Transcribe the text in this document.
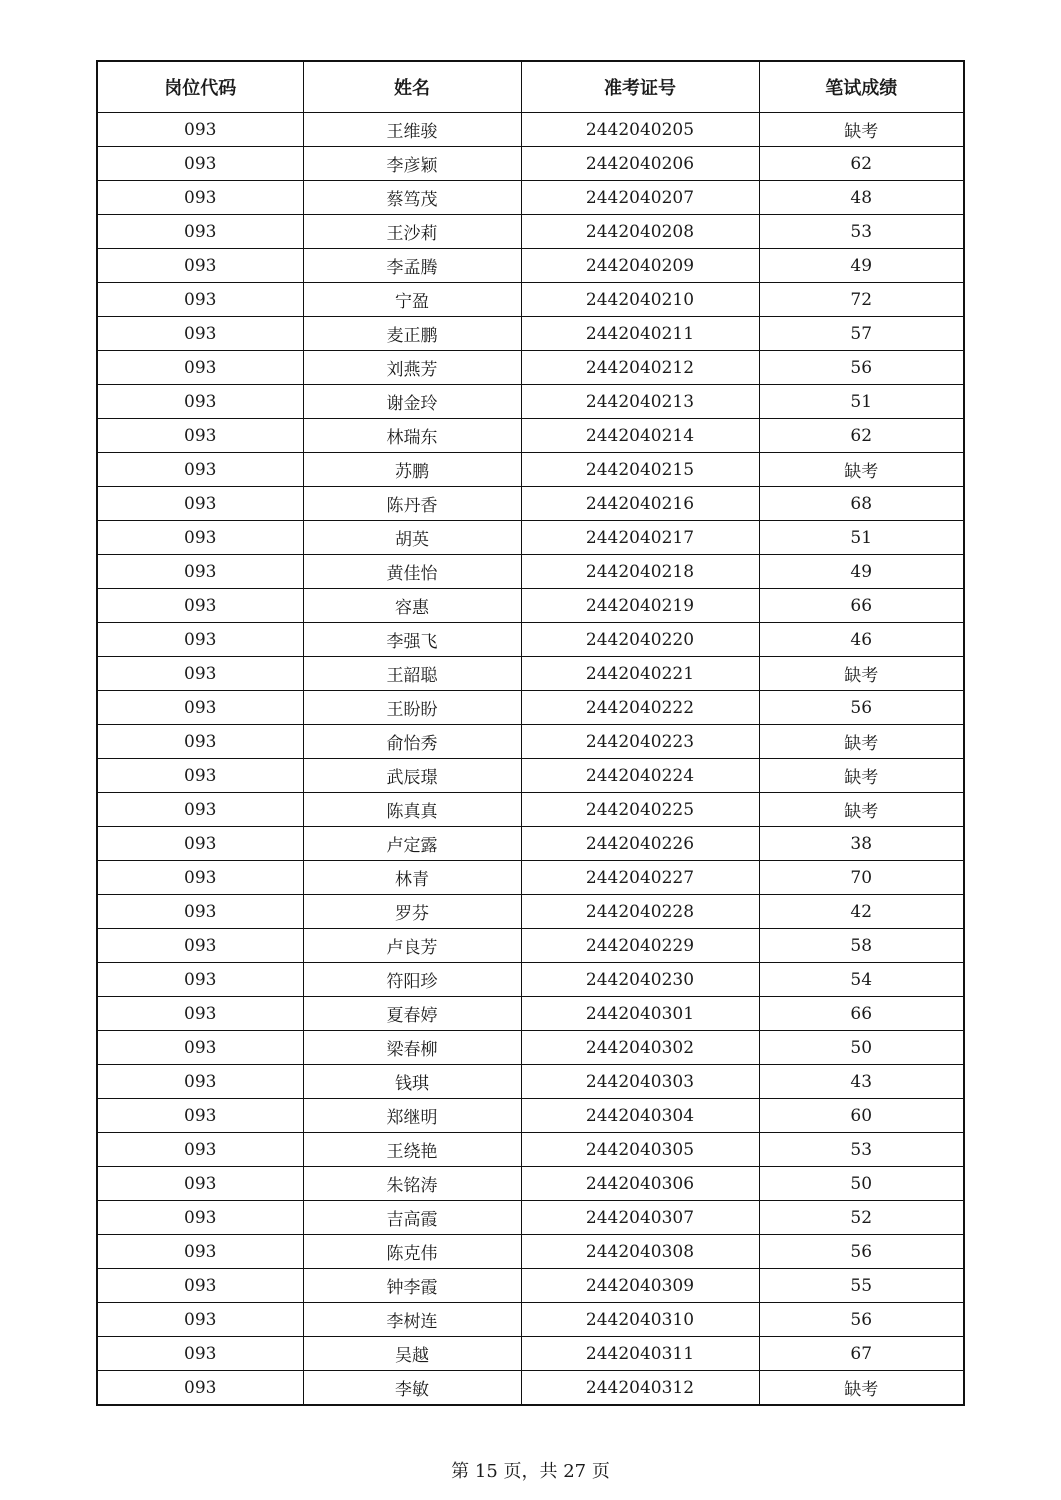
岗位代码	姓名	准考证号	笔试成绩
093	王维骏	2442040205	缺考
093	李彦颖	2442040206	62
093	蔡笃茂	2442040207	48
093	王沙莉	2442040208	53
093	李孟腾	2442040209	49
093	宁盈	2442040210	72
093	麦正鹏	2442040211	57
093	刘燕芳	2442040212	56
093	谢金玲	2442040213	51
093	林瑞东	2442040214	62
093	苏鹏	2442040215	缺考
093	陈丹香	2442040216	68
093	胡英	2442040217	51
093	黄佳怡	2442040218	49
093	容惠	2442040219	66
093	李强飞	2442040220	46
093	王韶聪	2442040221	缺考
093	王盼盼	2442040222	56
093	俞怡秀	2442040223	缺考
093	武辰璟	2442040224	缺考
093	陈真真	2442040225	缺考
093	卢定露	2442040226	38
093	林青	2442040227	70
093	罗芬	2442040228	42
093	卢良芳	2442040229	58
093	符阳珍	2442040230	54
093	夏春婷	2442040301	66
093	梁春柳	2442040302	50
093	钱琪	2442040303	43
093	郑继明	2442040304	60
093	王绕艳	2442040305	53
093	朱铭涛	2442040306	50
093	吉高霞	2442040307	52
093	陈克伟	2442040308	56
093	钟李霞	2442040309	55
093	李树连	2442040310	56
093	吴越	2442040311	67
093	李敏	2442040312	缺考
第 15 页，共 27 页
